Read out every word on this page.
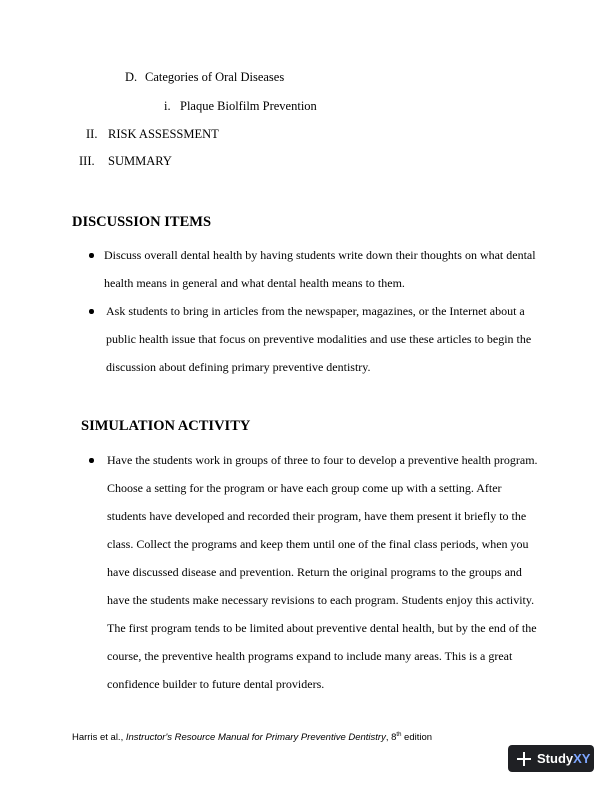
D. Categories of Oral Diseases
i. Plaque Biolfilm Prevention
II. RISK ASSESSMENT
III. SUMMARY
DISCUSSION ITEMS
Discuss overall dental health by having students write down their thoughts on what dental
health means in general and what dental health means to them.
Ask students to bring in articles from the newspaper, magazines, or the Internet about a
public health issue that focus on preventive modalities and use these articles to begin the
discussion about defining primary preventive dentistry.
SIMULATION ACTIVITY
Have the students work in groups of three to four to develop a preventive health program.
Choose a setting for the program or have each group come up with a setting. After
students have developed and recorded their program, have them present it briefly to the
class. Collect the programs and keep them until one of the final class periods, when you
have discussed disease and prevention. Return the original programs to the groups and
have the students make necessary revisions to each program. Students enjoy this activity.
The first program tends to be limited about preventive dental health, but by the end of the
course, the preventive health programs expand to include many areas. This is a great
confidence builder to future dental providers.
Harris et al., Instructor's Resource Manual for Primary Preventive Dentistry, 8th edition
Study XY
